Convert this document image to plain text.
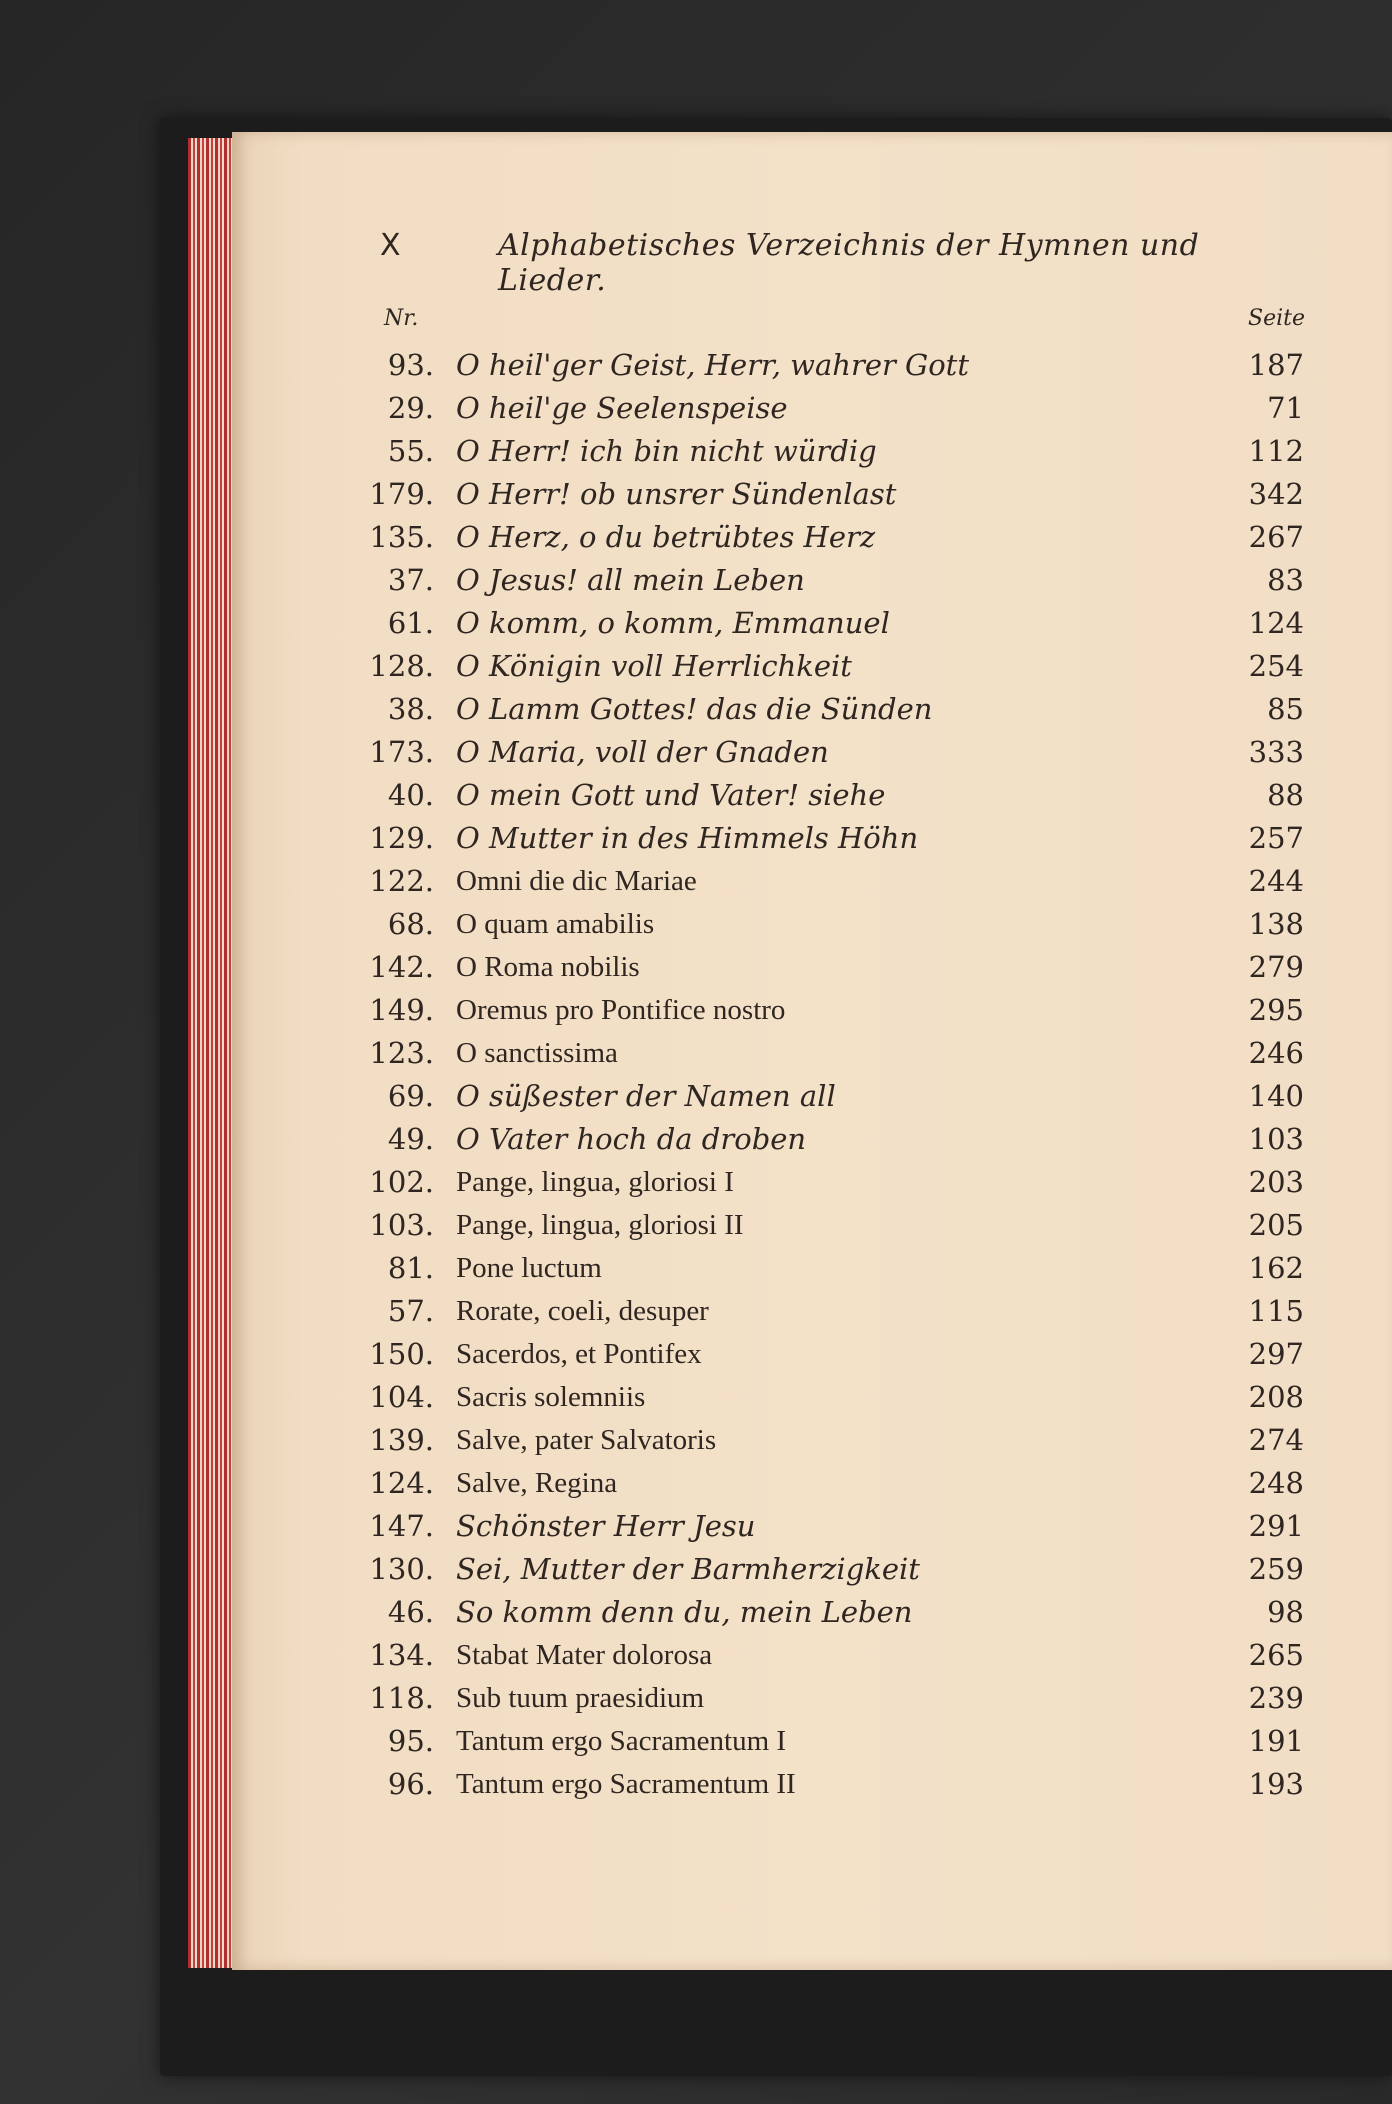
X	Alphabetisches Verzeichnis der Hymnen und Lieder.
Nr.	Seite
93. O heil'ger Geist, Herr, wahrer Gott	187
29. O heil'ge Seelenspeise	71
55. O Herr! ich bin nicht würdig	112
179. O Herr! ob unsrer Sündenlast	342
135. O Herz, o du betrübtes Herz	267
37. O Jesus! all mein Leben	83
61. O komm, o komm, Emmanuel	124
128. O Königin voll Herrlichkeit	254
38. O Lamm Gottes! das die Sünden	85
173. O Maria, voll der Gnaden	333
40. O mein Gott und Vater! siehe	88
129. O Mutter in des Himmels Höhn	257
122. Omni die dic Mariae	244
68. O quam amabilis	138
142. O Roma nobilis	279
149. Oremus pro Pontifice nostro	295
123. O sanctissima	246
69. O süßester der Namen all	140
49. O Vater hoch da droben	103
102. Pange, lingua, gloriosi I	203
103. Pange, lingua, gloriosi II	205
81. Pone luctum	162
57. Rorate, coeli, desuper	115
150. Sacerdos, et Pontifex	297
104. Sacris solemniis	208
139. Salve, pater Salvatoris	274
124. Salve, Regina	248
147. Schönster Herr Jesu	291
130. Sei, Mutter der Barmherzigkeit	259
46. So komm denn du, mein Leben	98
134. Stabat Mater dolorosa	265
118. Sub tuum praesidium	239
95. Tantum ergo Sacramentum I	191
96. Tantum ergo Sacramentum II	193
